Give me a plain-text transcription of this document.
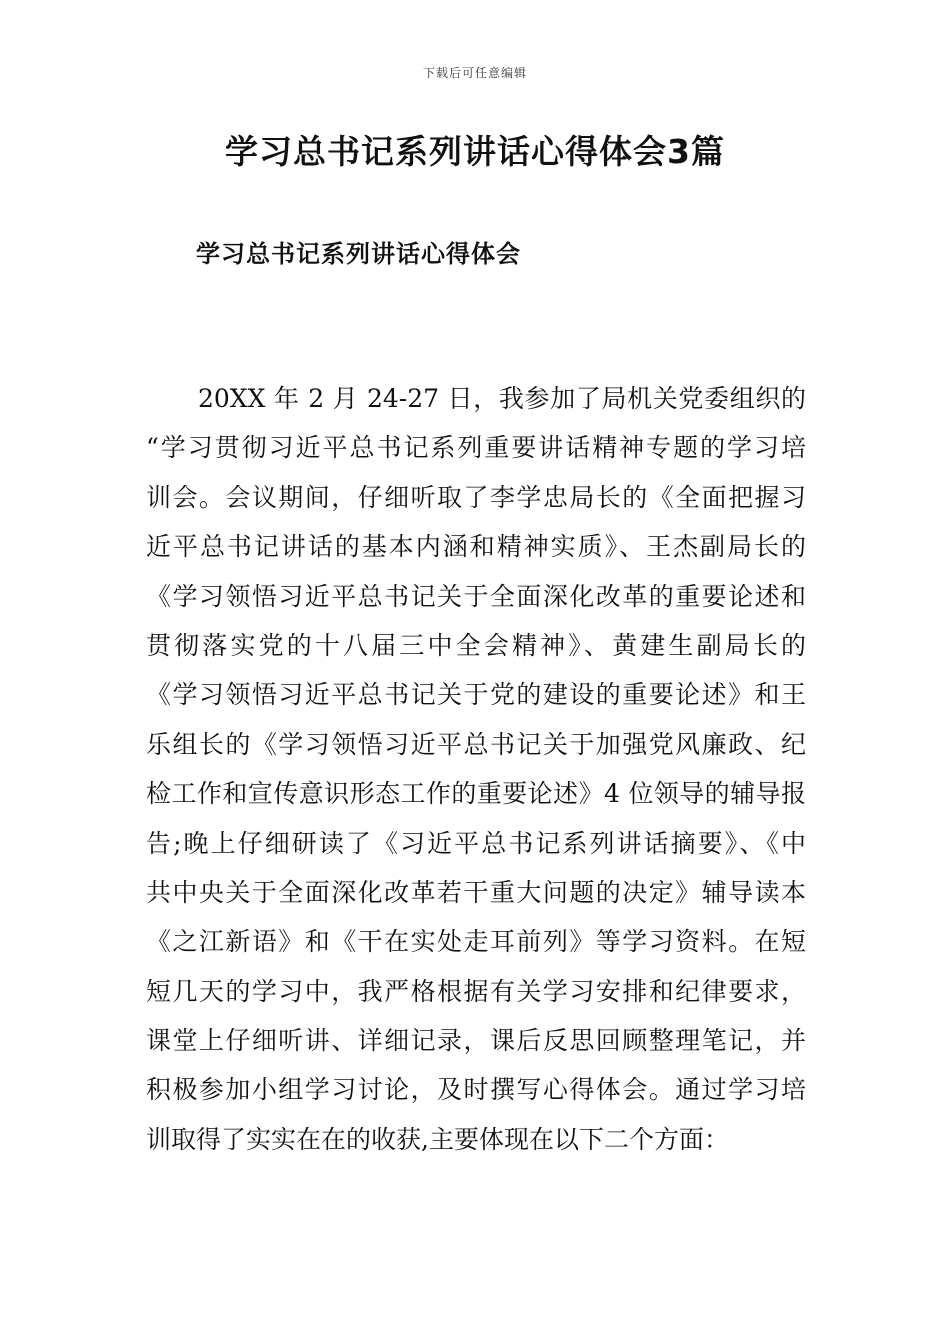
下载后可任意编辑
学习总书记系列讲话心得体会3篇
学习总书记系列讲话心得体会
20XX 年 2 月 24-27 日，我参加了局机关党委组织的
“学习贯彻习近平总书记系列重要讲话精神专题的学习培
训会。会议期间，仔细听取了李学忠局长的《全面把握习
近平总书记讲话的基本内涵和精神实质》、王杰副局长的
《学习领悟习近平总书记关于全面深化改革的重要论述和
贯彻落实党的十八届三中全会精神》、黄建生副局长的
《学习领悟习近平总书记关于党的建设的重要论述》和王
乐组长的《学习领悟习近平总书记关于加强党风廉政、纪
检工作和宣传意识形态工作的重要论述》4 位领导的辅导报
告;晚上仔细研读了《习近平总书记系列讲话摘要》、《中
共中央关于全面深化改革若干重大问题的决定》辅导读本
《之江新语》和《干在实处走耳前列》等学习资料。在短
短几天的学习中，我严格根据有关学习安排和纪律要求，
课堂上仔细听讲、详细记录，课后反思回顾整理笔记，并
积极参加小组学习讨论，及时撰写心得体会。通过学习培
训取得了实实在在的收获,主要体现在以下二个方面：
